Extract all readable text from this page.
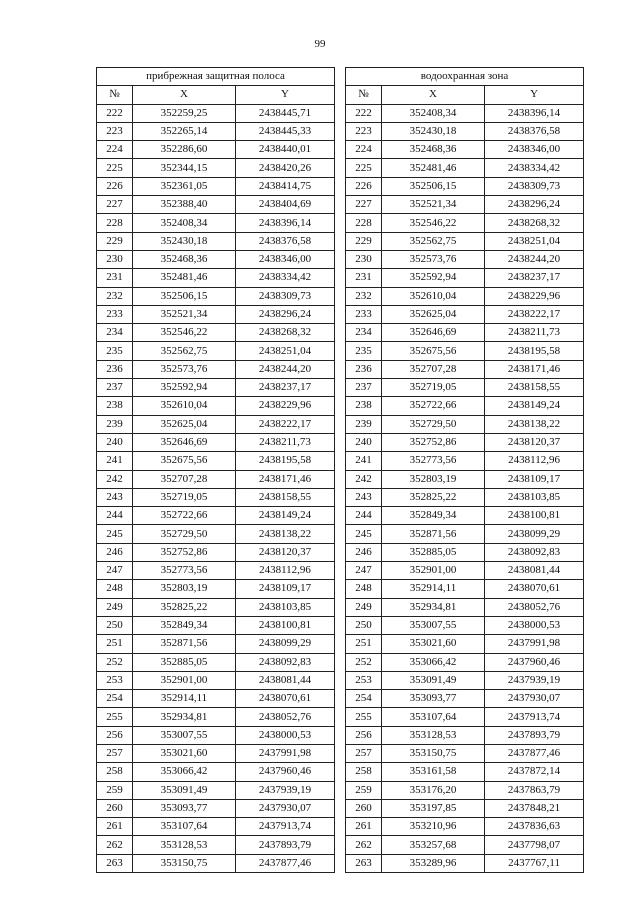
99
прибрежная защитная полоса				водоохранная зона		
№	X	Y		№	X	Y
222	352259,25	2438445,71		222	352408,34	2438396,14
223	352265,14	2438445,33		223	352430,18	2438376,58
224	352286,60	2438440,01		224	352468,36	2438346,00
225	352344,15	2438420,26		225	352481,46	2438334,42
226	352361,05	2438414,75		226	352506,15	2438309,73
227	352388,40	2438404,69		227	352521,34	2438296,24
228	352408,34	2438396,14		228	352546,22	2438268,32
229	352430,18	2438376,58		229	352562,75	2438251,04
230	352468,36	2438346,00		230	352573,76	2438244,20
231	352481,46	2438334,42		231	352592,94	2438237,17
232	352506,15	2438309,73		232	352610,04	2438229,96
233	352521,34	2438296,24		233	352625,04	2438222,17
234	352546,22	2438268,32		234	352646,69	2438211,73
235	352562,75	2438251,04		235	352675,56	2438195,58
236	352573,76	2438244,20		236	352707,28	2438171,46
237	352592,94	2438237,17		237	352719,05	2438158,55
238	352610,04	2438229,96		238	352722,66	2438149,24
239	352625,04	2438222,17		239	352729,50	2438138,22
240	352646,69	2438211,73		240	352752,86	2438120,37
241	352675,56	2438195,58		241	352773,56	2438112,96
242	352707,28	2438171,46		242	352803,19	2438109,17
243	352719,05	2438158,55		243	352825,22	2438103,85
244	352722,66	2438149,24		244	352849,34	2438100,81
245	352729,50	2438138,22		245	352871,56	2438099,29
246	352752,86	2438120,37		246	352885,05	2438092,83
247	352773,56	2438112,96		247	352901,00	2438081,44
248	352803,19	2438109,17		248	352914,11	2438070,61
249	352825,22	2438103,85		249	352934,81	2438052,76
250	352849,34	2438100,81		250	353007,55	2438000,53
251	352871,56	2438099,29		251	353021,60	2437991,98
252	352885,05	2438092,83		252	353066,42	2437960,46
253	352901,00	2438081,44		253	353091,49	2437939,19
254	352914,11	2438070,61		254	353093,77	2437930,07
255	352934,81	2438052,76		255	353107,64	2437913,74
256	353007,55	2438000,53		256	353128,53	2437893,79
257	353021,60	2437991,98		257	353150,75	2437877,46
258	353066,42	2437960,46		258	353161,58	2437872,14
259	353091,49	2437939,19		259	353176,20	2437863,79
260	353093,77	2437930,07		260	353197,85	2437848,21
261	353107,64	2437913,74		261	353210,96	2437836,63
262	353128,53	2437893,79		262	353257,68	2437798,07
263	353150,75	2437877,46		263	353289,96	2437767,11
